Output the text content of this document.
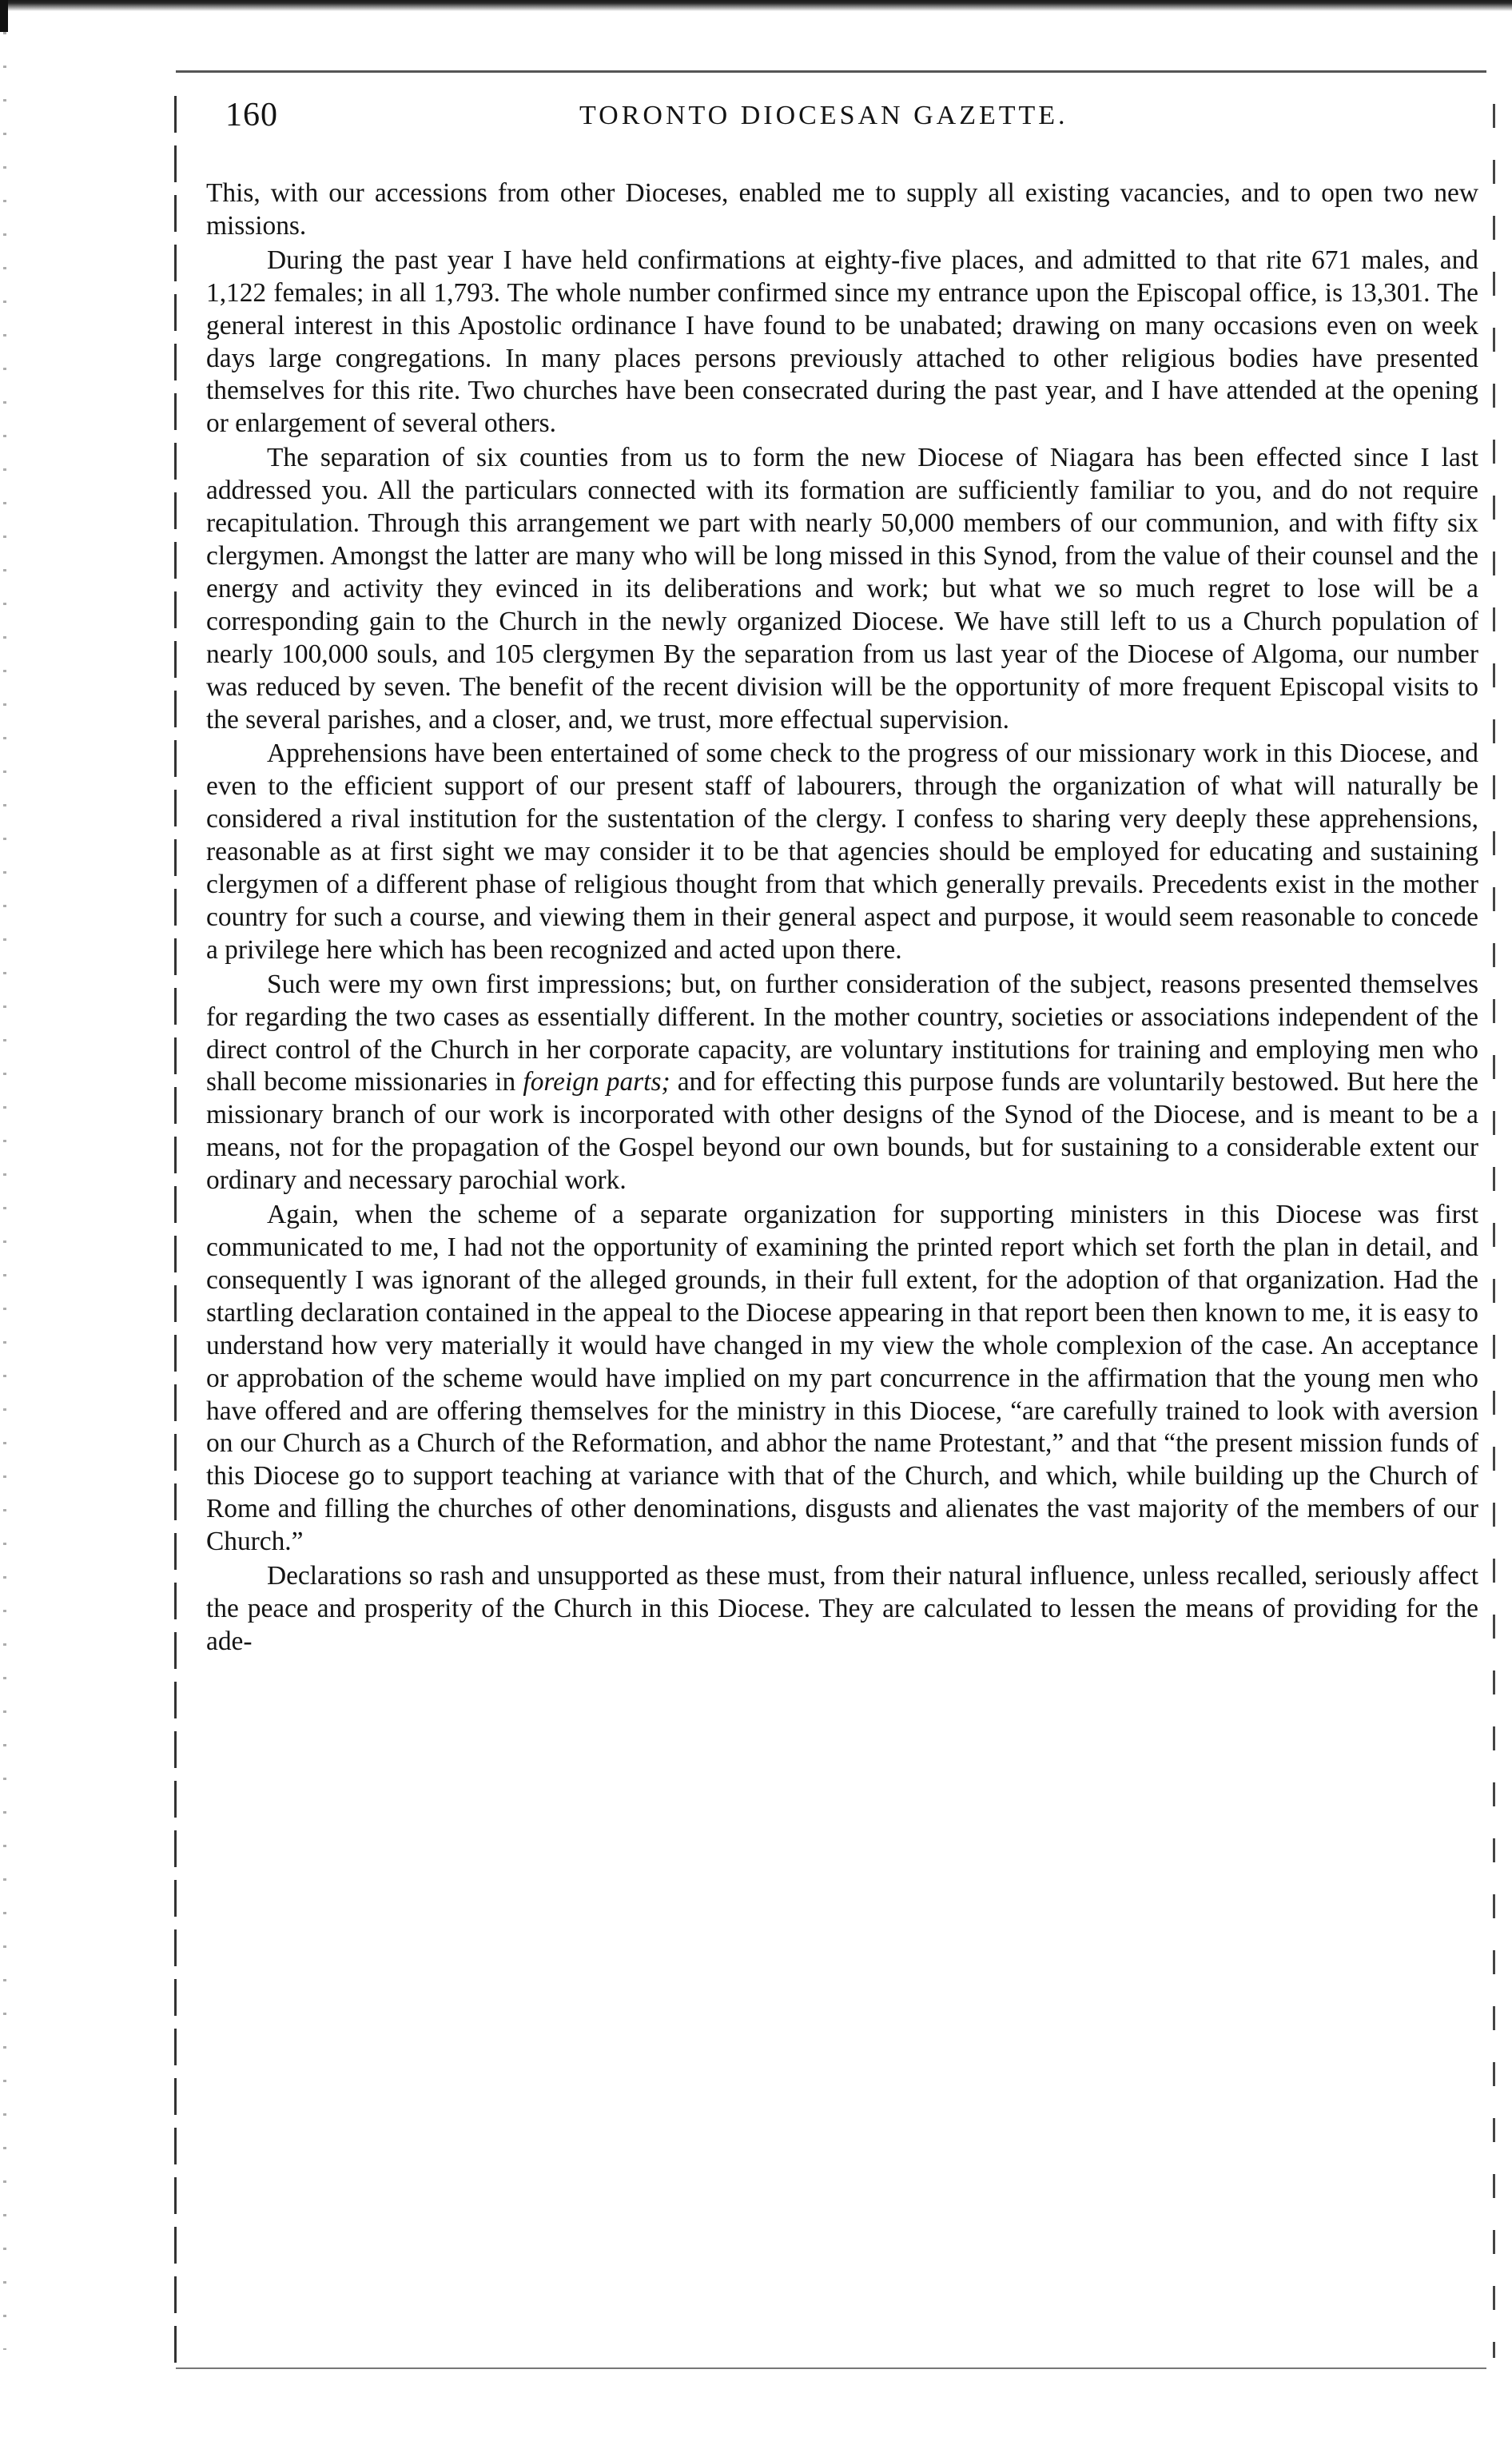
160	TORONTO DIOCESAN GAZETTE.

This, with our accessions from other Dioceses, enabled me to supply all existing vacancies, and to open two new missions.

During the past year I have held confirmations at eighty-five places, and admitted to that rite 671 males, and 1,122 females; in all 1,793. The whole number confirmed since my entrance upon the Episcopal office, is 13,301. The general interest in this Apostolic ordinance I have found to be unabated; drawing on many occasions even on week days large congregations. In many places persons previously attached to other religious bodies have presented themselves for this rite. Two churches have been consecrated during the past year, and I have attended at the opening or enlargement of several others.

The separation of six counties from us to form the new Diocese of Niagara has been effected since I last addressed you. All the particulars connected with its formation are sufficiently familiar to you, and do not require recapitulation. Through this arrangement we part with nearly 50,000 members of our communion, and with fifty six clergymen. Amongst the latter are many who will be long missed in this Synod, from the value of their counsel and the energy and activity they evinced in its deliberations and work; but what we so much regret to lose will be a corresponding gain to the Church in the newly organized Diocese. We have still left to us a Church population of nearly 100,000 souls, and 105 clergymen By the separation from us last year of the Diocese of Algoma, our number was reduced by seven. The benefit of the recent division will be the opportunity of more frequent Episcopal visits to the several parishes, and a closer, and, we trust, more effectual supervision.

Apprehensions have been entertained of some check to the progress of our missionary work in this Diocese, and even to the efficient support of our present staff of labourers, through the organization of what will naturally be considered a rival institution for the sustentation of the clergy. I confess to sharing very deeply these apprehensions, reasonable as at first sight we may consider it to be that agencies should be employed for educating and sustaining clergymen of a different phase of religious thought from that which generally prevails. Precedents exist in the mother country for such a course, and viewing them in their general aspect and purpose, it would seem reasonable to concede a privilege here which has been recognized and acted upon there.

Such were my own first impressions; but, on further consideration of the subject, reasons presented themselves for regarding the two cases as essentially different. In the mother country, societies or associations independent of the direct control of the Church in her corporate capacity, are voluntary institutions for training and employing men who shall become missionaries in foreign parts; and for effecting this purpose funds are voluntarily bestowed. But here the missionary branch of our work is incorporated with other designs of the Synod of the Diocese, and is meant to be a means, not for the propagation of the Gospel beyond our own bounds, but for sustaining to a considerable extent our ordinary and necessary parochial work.

Again, when the scheme of a separate organization for supporting ministers in this Diocese was first communicated to me, I had not the opportunity of examining the printed report which set forth the plan in detail, and consequently I was ignorant of the alleged grounds, in their full extent, for the adoption of that organization. Had the startling declaration contained in the appeal to the Diocese appearing in that report been then known to me, it is easy to understand how very materially it would have changed in my view the whole complexion of the case. An acceptance or approbation of the scheme would have implied on my part concurrence in the affirmation that the young men who have offered and are offering themselves for the ministry in this Diocese, “are carefully trained to look with aversion on our Church as a Church of the Reformation, and abhor the name Protestant,” and that “the present mission funds of this Diocese go to support teaching at variance with that of the Church, and which, while building up the Church of Rome and filling the churches of other denominations, disgusts and alienates the vast majority of the members of our Church.”

Declarations so rash and unsupported as these must, from their natural influence, unless recalled, seriously affect the peace and prosperity of the Church in this Diocese. They are calculated to lessen the means of providing for the ade-
